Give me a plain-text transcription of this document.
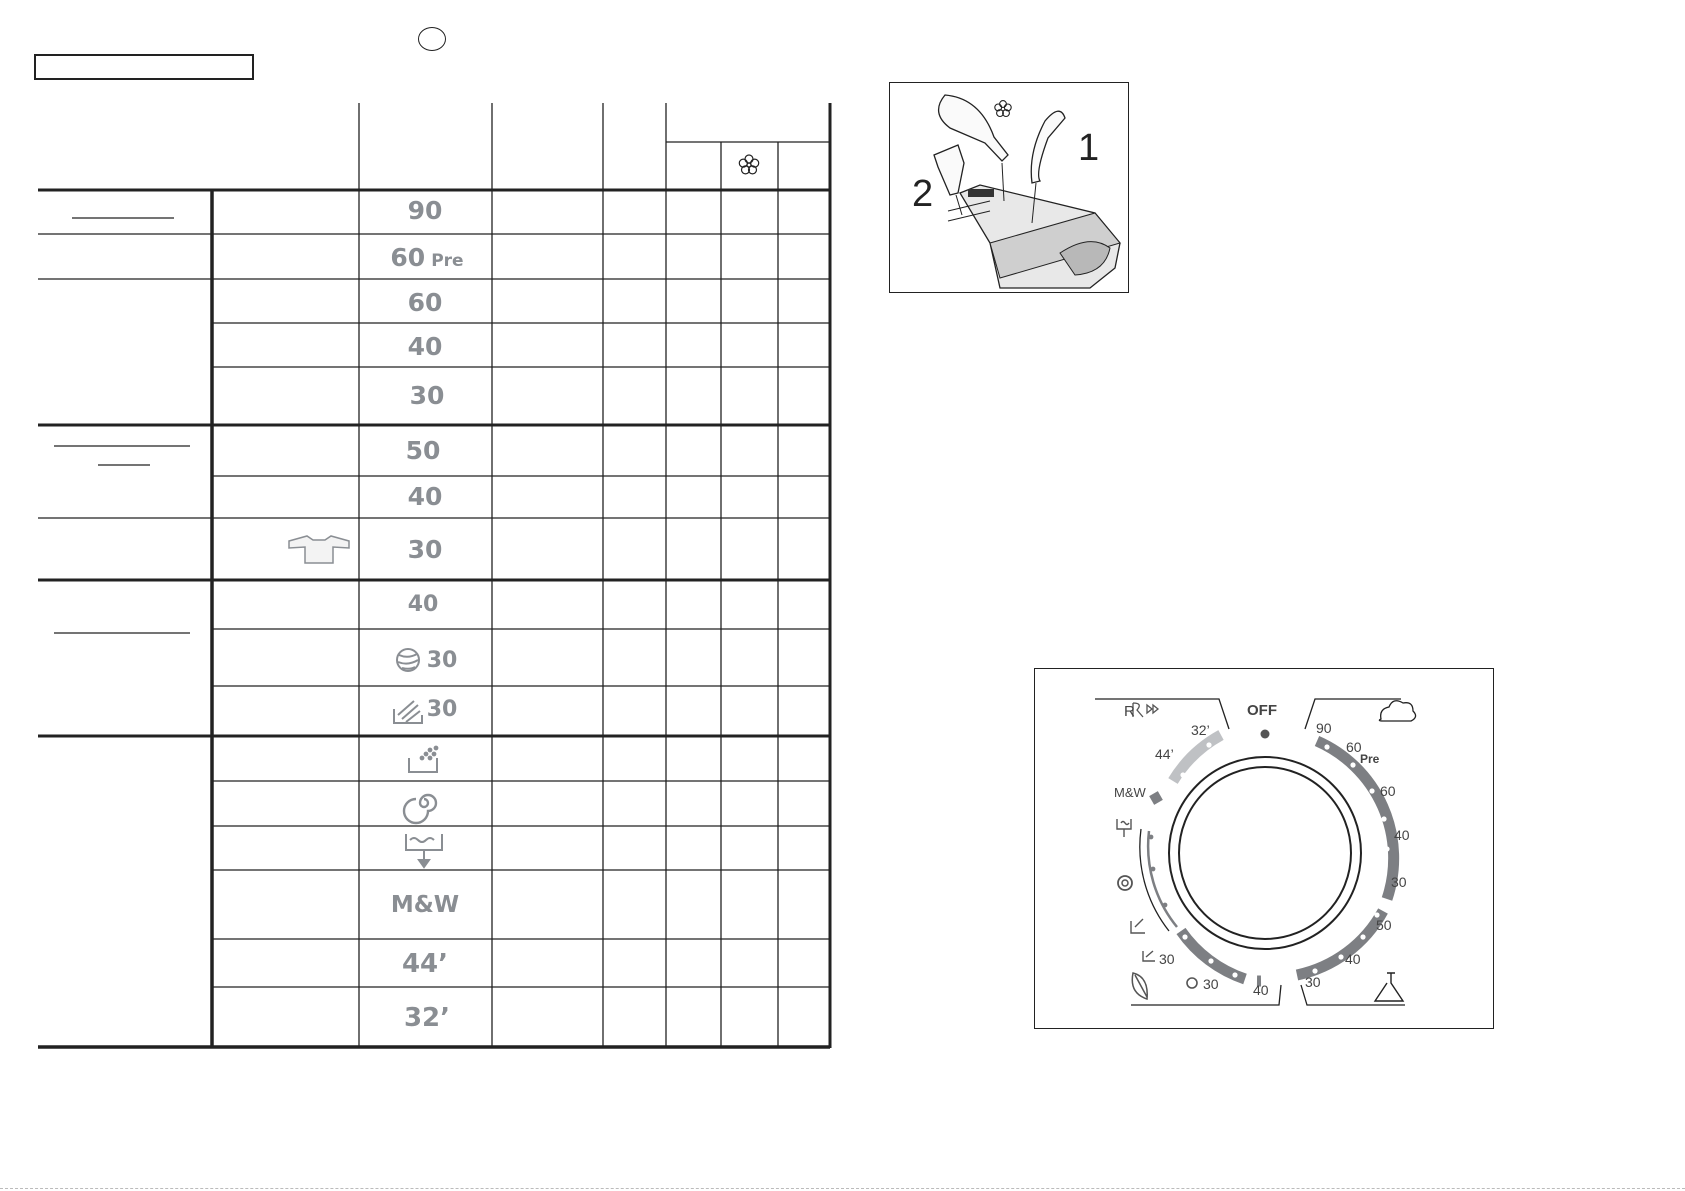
90
60 Pre
60
40
30
50
40
30
40
30
30
M&W
44’
32’
1
2
OFF
R
32’
44’
M&W
30
30 40
90
60
Pre
60
40
30
50
40
30
